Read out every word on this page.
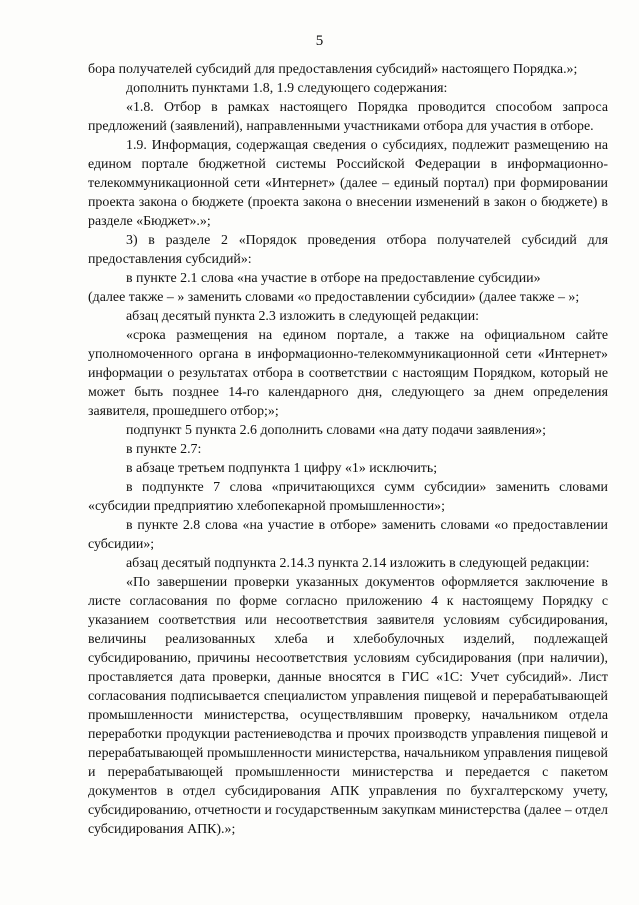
5

бора получателей субсидий для предоставления субсидий» настоящего Порядка.»;

дополнить пунктами 1.8, 1.9 следующего содержания:

«1.8. Отбор в рамках настоящего Порядка проводится способом запроса предложений (заявлений), направленными участниками отбора для участия в отборе.

1.9. Информация, содержащая сведения о субсидиях, подлежит размещению на едином портале бюджетной системы Российской Федерации в информационно-телекоммуникационной сети «Интернет» (далее – единый портал) при формировании проекта закона о бюджете (проекта закона о внесении изменений в закон о бюджете) в разделе «Бюджет».»;

3) в разделе 2 «Порядок проведения отбора получателей субсидий для предоставления субсидий»:

в пункте 2.1 слова «на участие в отборе на предоставление субсидии»

(далее также – » заменить словами «о предоставлении субсидии» (далее также – »;

абзац десятый пункта 2.3 изложить в следующей редакции:

«срока размещения на едином портале, а также на официальном сайте уполномоченного органа в информационно-телекоммуникационной сети «Интернет» информации о результатах отбора в соответствии с настоящим Порядком, который не может быть позднее 14-го календарного дня, следующего за днем определения заявителя, прошедшего отбор;»;

подпункт 5 пункта 2.6 дополнить словами «на дату подачи заявления»;

в пункте 2.7:

в абзаце третьем подпункта 1 цифру «1» исключить;

в подпункте 7 слова «причитающихся сумм субсидии» заменить словами «субсидии предприятию хлебопекарной промышленности»;

в пункте 2.8 слова «на участие в отборе» заменить словами «о предоставлении субсидии»;

абзац десятый подпункта 2.14.3 пункта 2.14 изложить в следующей редакции:

«По завершении проверки указанных документов оформляется заключение в листе согласования по форме согласно приложению 4 к настоящему Порядку с указанием соответствия или несоответствия заявителя условиям субсидирования, величины реализованных хлеба и хлебобулочных изделий, подлежащей субсидированию, причины несоответствия условиям субсидирования (при наличии), проставляется дата проверки, данные вносятся в ГИС «1С: Учет субсидий». Лист согласования подписывается специалистом управления пищевой и перерабатывающей промышленности министерства, осуществлявшим проверку, начальником отдела переработки продукции растениеводства и прочих производств управления пищевой и перерабатывающей промышленности министерства, начальником управления пищевой и перерабатывающей промышленности министерства и передается с пакетом документов в отдел субсидирования АПК управления по бухгалтерскому учету, субсидированию, отчетности и государственным закупкам министерства (далее – отдел субсидирования АПК).»;
